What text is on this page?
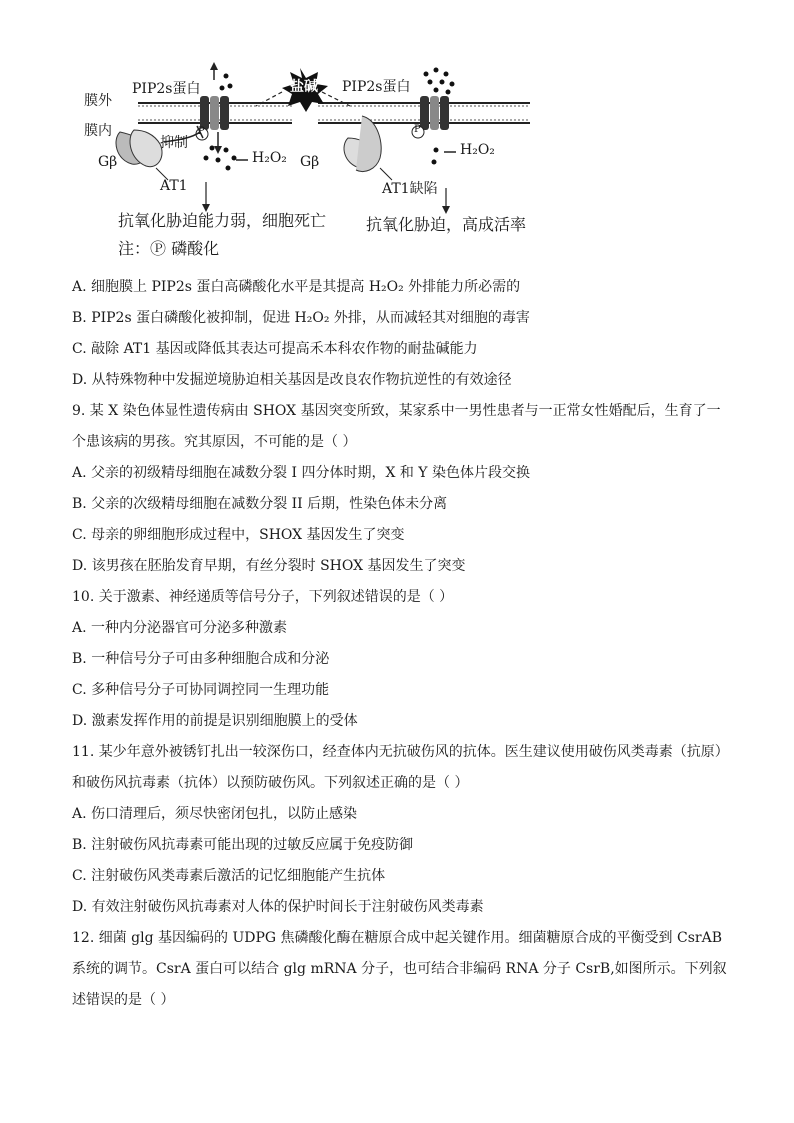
PIP2s蛋白	PIP2s蛋白
盐碱
膜外
膜内
抑制
Gβ	Gβ
P	P
H₂O₂	H₂O₂
AT1	AT1缺陷
抗氧化胁迫能力弱，细胞死亡 抗氧化胁迫，高成活率
注：Ⓟ 磷酸化
A. 细胞膜上 PIP2s 蛋白高磷酸化水平是其提高 H₂O₂ 外排能力所必需的
B. PIP2s 蛋白磷酸化被抑制，促进 H₂O₂ 外排，从而减轻其对细胞的毒害
C. 敲除 AT1 基因或降低其表达可提高禾本科农作物的耐盐碱能力
D. 从特殊物种中发掘逆境胁迫相关基因是改良农作物抗逆性的有效途径
9. 某 X 染色体显性遗传病由 SHOX 基因突变所致，某家系中一男性患者与一正常女性婚配后，生育了一个患该病的男孩。究其原因，不可能的是（ ）
A. 父亲的初级精母细胞在减数分裂 I 四分体时期，X 和 Y 染色体片段交换
B. 父亲的次级精母细胞在减数分裂 II 后期，性染色体未分离
C. 母亲的卵细胞形成过程中，SHOX 基因发生了突变
D. 该男孩在胚胎发育早期，有丝分裂时 SHOX 基因发生了突变
10. 关于激素、神经递质等信号分子，下列叙述错误的是（ ）
A. 一种内分泌器官可分泌多种激素
B. 一种信号分子可由多种细胞合成和分泌
C. 多种信号分子可协同调控同一生理功能
D. 激素发挥作用的前提是识别细胞膜上的受体
11. 某少年意外被锈钉扎出一较深伤口，经查体内无抗破伤风的抗体。医生建议使用破伤风类毒素（抗原）和破伤风抗毒素（抗体）以预防破伤风。下列叙述正确的是（ ）
A. 伤口清理后，须尽快密闭包扎，以防止感染
B. 注射破伤风抗毒素可能出现的过敏反应属于免疫防御
C. 注射破伤风类毒素后激活的记忆细胞能产生抗体
D. 有效注射破伤风抗毒素对人体的保护时间长于注射破伤风类毒素
12. 细菌 glg 基因编码的 UDPG 焦磷酸化酶在糖原合成中起关键作用。细菌糖原合成的平衡受到 CsrAB 系统的调节。CsrA 蛋白可以结合 glg mRNA 分子，也可结合非编码 RNA 分子 CsrB,如图所示。下列叙述错误的是（ ）
